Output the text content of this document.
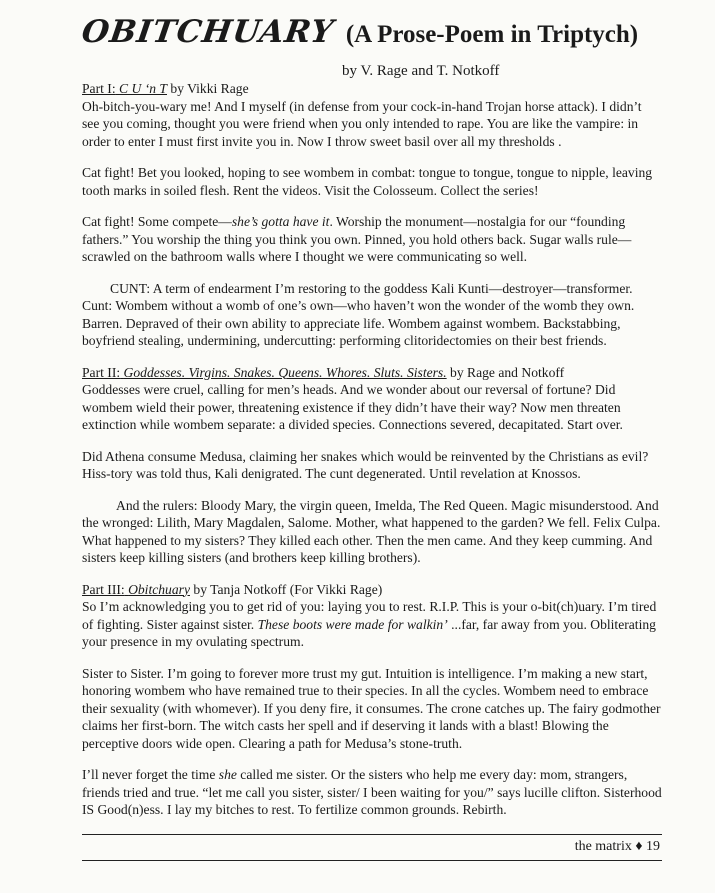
OBITCHUARY (A Prose-Poem in Triptych)
by V. Rage and T. Notkoff
Part I: C U ‘n T by Vikki Rage

Oh-bitch-you-wary me! And I myself (in defense from your cock-in-hand Trojan horse attack). I didn’t see you coming, thought you were friend when you only intended to rape. You are like the vampire: in order to enter I must first invite you in. Now I throw sweet basil over all my thresholds .

Cat fight! Bet you looked, hoping to see wombem in combat: tongue to tongue, tongue to nipple, leaving tooth marks in soiled flesh. Rent the videos. Visit the Colosseum. Collect the series!

Cat fight! Some compete—she’s gotta have it. Worship the monument—nostalgia for our “founding fathers.” You worship the thing you think you own. Pinned, you hold others back. Sugar walls rule—scrawled on the bathroom walls where I thought we were communicating so well.

CUNT: A term of endearment I’m restoring to the goddess Kali Kunti—destroyer—transformer. Cunt: Wombem without a womb of one’s own—who haven’t won the wonder of the womb they own. Barren. Depraved of their own ability to appreciate life. Wombem against wombem. Backstabbing, boyfriend stealing, undermining, undercutting: performing clitoridectomies on their best friends.

Part II: Goddesses. Virgins. Snakes. Queens. Whores. Sluts. Sisters. by Rage and Notkoff

Goddesses were cruel, calling for men’s heads. And we wonder about our reversal of fortune? Did wombem wield their power, threatening existence if they didn’t have their way? Now men threaten extinction while wombem separate: a divided species. Connections severed, decapitated. Start over.

Did Athena consume Medusa, claiming her snakes which would be reinvented by the Christians as evil? Hiss-tory was told thus, Kali denigrated. The cunt degenerated. Until revelation at Knossos.

And the rulers: Bloody Mary, the virgin queen, Imelda, The Red Queen. Magic misunderstood. And the wronged: Lilith, Mary Magdalen, Salome. Mother, what happened to the garden? We fell. Felix Culpa. What happened to my sisters? They killed each other. Then the men came. And they keep cumming. And sisters keep killing sisters (and brothers keep killing brothers).

Part III: Obitchuary by Tanja Notkoff (For Vikki Rage)

So I’m acknowledging you to get rid of you: laying you to rest. R.I.P. This is your o-bit(ch)uary. I’m tired of fighting. Sister against sister. These boots were made for walkin’ ...far, far away from you. Obliterating your presence in my ovulating spectrum.

Sister to Sister. I’m going to forever more trust my gut. Intuition is intelligence. I’m making a new start, honoring wombem who have remained true to their species. In all the cycles. Wombem need to embrace their sexuality (with whomever). If you deny fire, it consumes. The crone catches up. The fairy godmother claims her first-born. The witch casts her spell and if deserving it lands with a blast! Blowing the perceptive doors wide open. Clearing a path for Medusa’s stone-truth.

I’ll never forget the time she called me sister. Or the sisters who help me every day: mom, strangers, friends tried and true. “let me call you sister, sister/ I been waiting for you/” says lucille clifton. Sisterhood IS Good(n)ess. I lay my bitches to rest. To fertilize common grounds. Rebirth.

the matrix ♦ 19
